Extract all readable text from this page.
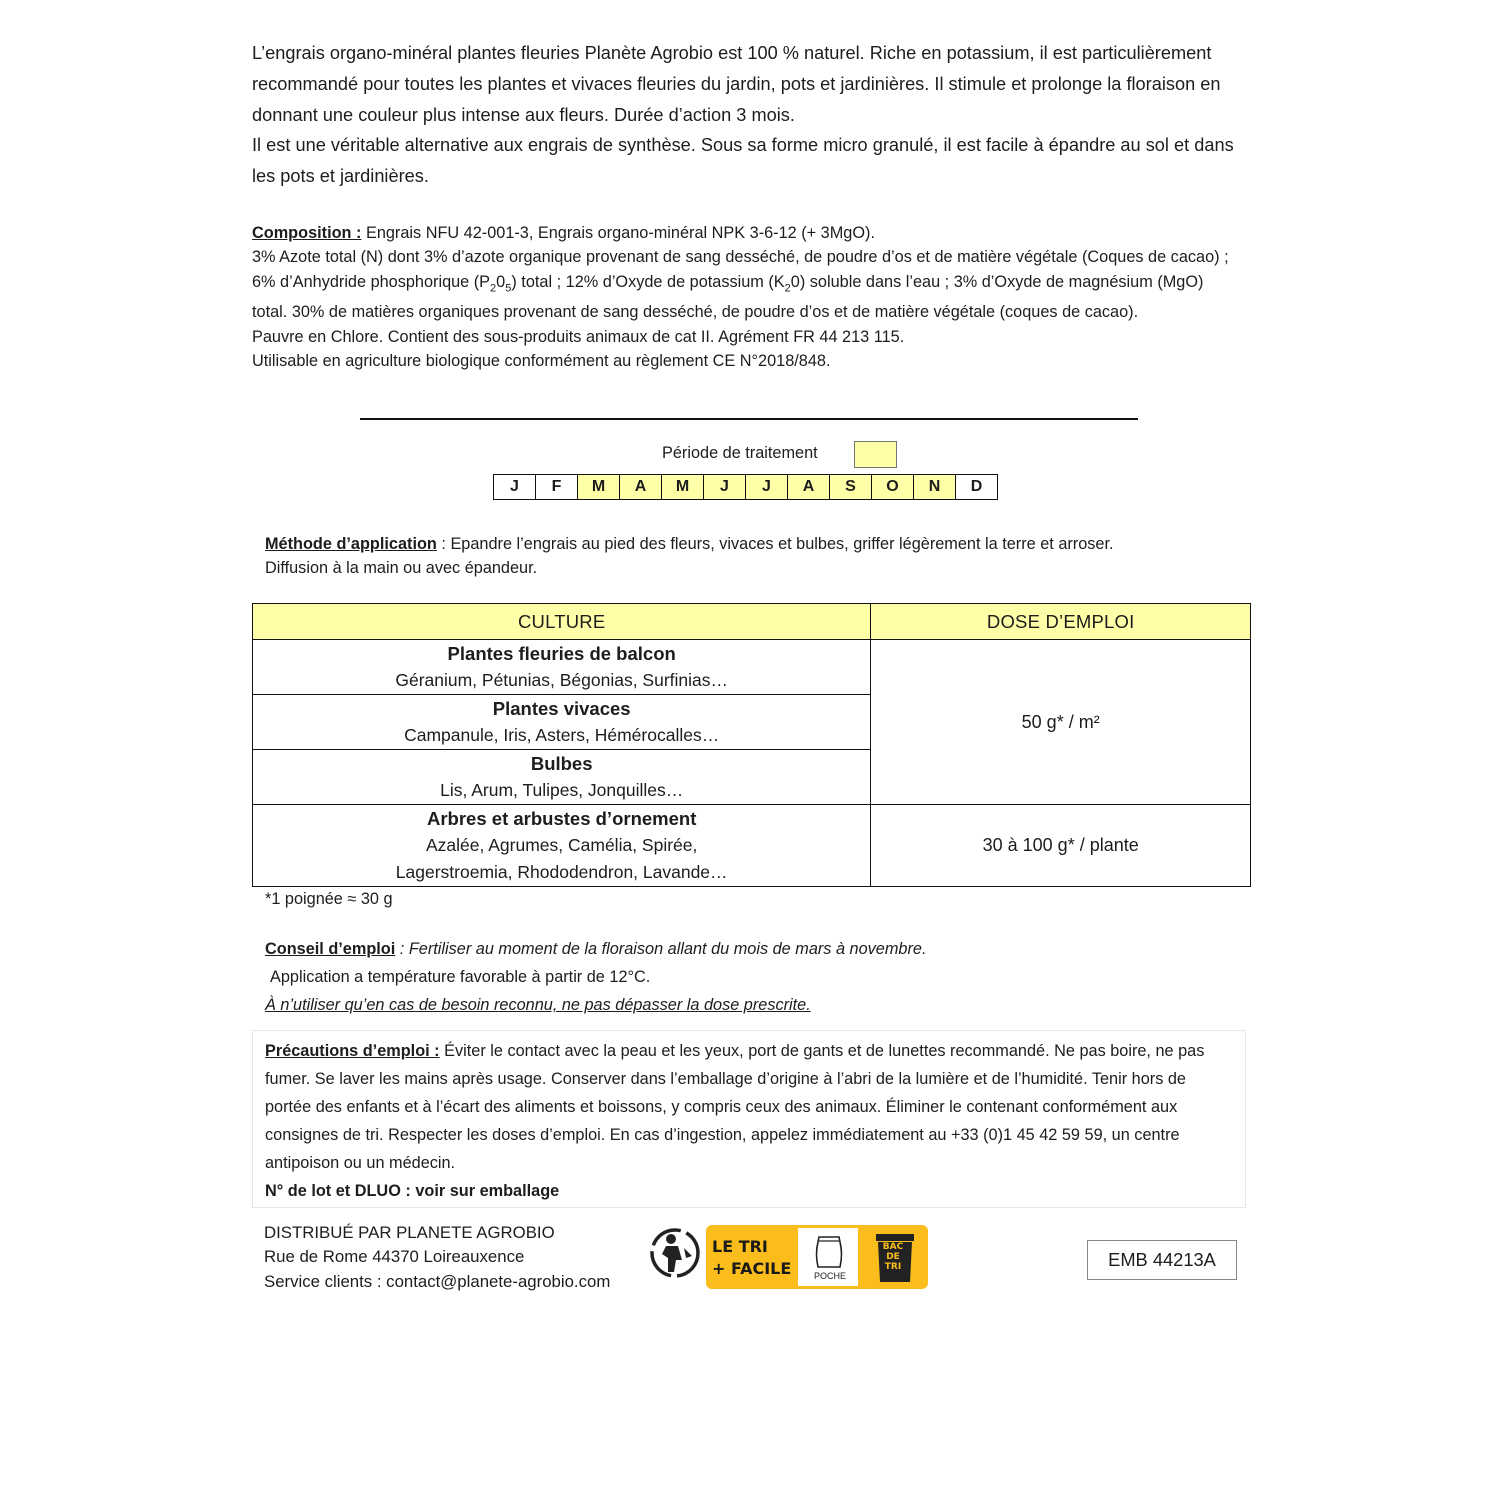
L’engrais organo-minéral plantes fleuries Planète Agrobio est 100 % naturel. Riche en potassium, il est particulièrement recommandé pour toutes les plantes et vivaces fleuries du jardin, pots et jardinières. Il stimule et prolonge la floraison en donnant une couleur plus intense aux fleurs. Durée d’action 3 mois.

Il est une véritable alternative aux engrais de synthèse. Sous sa forme micro granulé, il est facile à épandre au sol et dans les pots et jardinières.

Composition : Engrais NFU 42-001-3, Engrais organo-minéral NPK 3-6-12 (+ 3MgO).

3% Azote total (N) dont 3% d’azote organique provenant de sang desséché, de poudre d’os et de matière végétale (Coques de cacao) ; 6% d’Anhydride phosphorique $(P_20_5)$ total ; 12% d’Oxyde de potassium $(K_20)$ soluble dans l’eau ; 3% d’Oxyde de magnésium (MgO) total. 30% de matières organiques provenant de sang desséché, de poudre d’os et de matière végétale (coques de cacao).

Pauvre en Chlore. Contient des sous-produits animaux de cat II. Agrément FR 44 213 115.

Utilisable en agriculture biologique conformément au règlement CE N°2018/848.

Période de traitement
J	F	M	A	M	J	J	A	S	O	N	D

Méthode d’application : Epandre l’engrais au pied des fleurs, vivaces et bulbes, griffer légèrement la terre et arroser.

Diffusion à la main ou avec épandeur.

CULTURE	DOSE D’EMPLOI

Plantes fleuries de balcon
Géranium, Pétunias, Bégonias, Surfinias…	50 g* / m²

Plantes vivaces
Campanule, Iris, Asters, Hémérocalles…	

Bulbes
Lis, Arum, Tulipes, Jonquilles…	

Arbres et arbustes d’ornement
Azalée, Agrumes, Camélia, Spirée,
Lagerstroemia, Rhododendron, Lavande…	30 à 100 g* / plante
*1 poignée ≈ 30 g

Conseil d’emploi : Fertiliser au moment de la floraison allant du mois de mars à novembre.

Application a température favorable à partir de 12°C.

À n’utiliser qu’en cas de besoin reconnu, ne pas dépasser la dose prescrite.

Précautions d’emploi : Éviter le contact avec la peau et les yeux, port de gants et de lunettes recommandé. Ne pas boire, ne pas fumer. Se laver les mains après usage. Conserver dans l’emballage d’origine à l’abri de la lumière et de l’humidité. Tenir hors de portée des enfants et à l’écart des aliments et boissons, y compris ceux des animaux. Éliminer le contenant conformément aux consignes de tri. Respecter les doses d’emploi. En cas d’ingestion, appelez immédiatement au +33 (0)1 45 42 59 59, un centre antipoison ou un médecin.

N° de lot et DLUO : voir sur emballage

DISTRIBUÉ PAR PLANETE AGROBIO

Rue de Rome 44370 Loireauxence

Service clients : contact@planete-agrobio.com

LE TRI
+ FACILE	POCHE
BAC
DE
TRI	EMB 44213A
